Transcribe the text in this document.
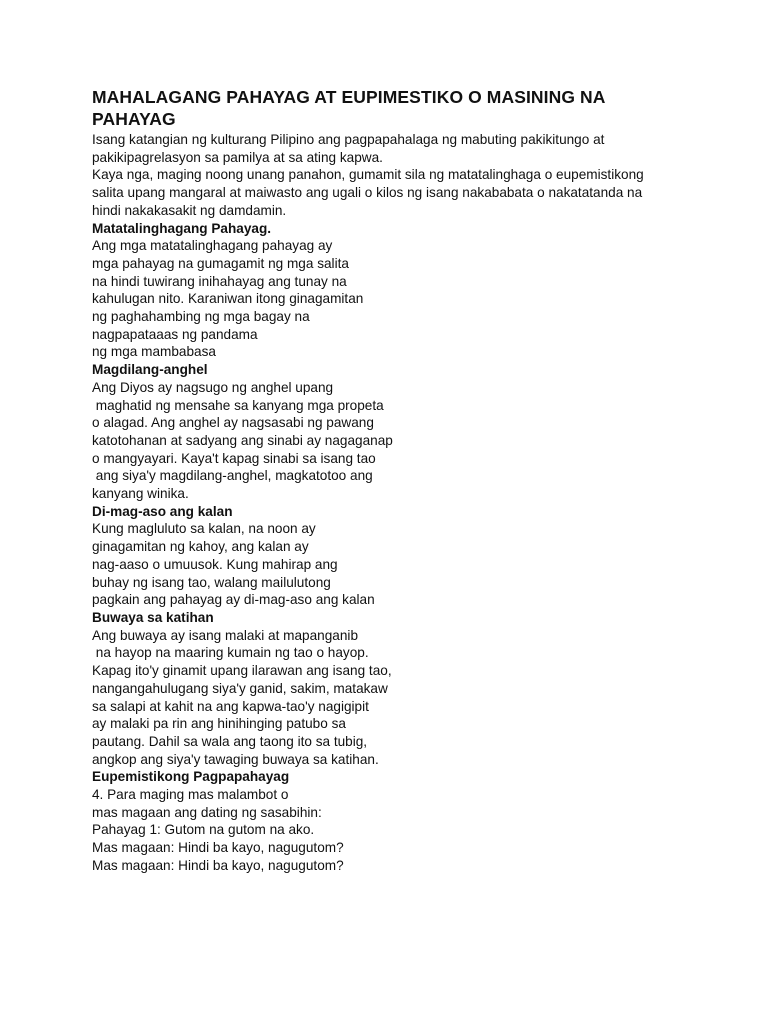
MAHALAGANG PAHAYAG AT EUPIMESTIKO O MASINING NA PAHAYAG

Isang katangian ng kulturang Pilipino ang pagpapahalaga ng mabuting pakikitungo at

pakikipagrelasyon sa pamilya at sa ating kapwa.

Kaya nga, maging noong unang panahon, gumamit sila ng matatalinghaga o eupemistikong

salita upang mangaral at maiwasto ang ugali o kilos ng isang nakababata o nakatatanda na

hindi nakakasakit ng damdamin.

Matatalinghagang Pahayag.

Ang mga matatalinghagang pahayag ay

mga pahayag na gumagamit ng mga salita

na hindi tuwirang inihahayag ang tunay na

kahulugan nito. Karaniwan itong ginagamitan

ng paghahambing ng mga bagay na

nagpapataaas ng pandama

ng mga mambabasa

Magdilang-anghel

Ang Diyos ay nagsugo ng anghel upang

maghatid ng mensahe sa kanyang mga propeta

o alagad. Ang anghel ay nagsasabi ng pawang

katotohanan at sadyang ang sinabi ay nagaganap

o mangyayari. Kaya't kapag sinabi sa isang tao

ang siya'y magdilang-anghel, magkatotoo ang

kanyang winika.

Di-mag-aso ang kalan

Kung magluluto sa kalan, na noon ay

ginagamitan ng kahoy, ang kalan ay

nag-aaso o umuusok. Kung mahirap ang

buhay ng isang tao, walang mailulutong

pagkain ang pahayag ay di-mag-aso ang kalan

Buwaya sa katihan

Ang buwaya ay isang malaki at mapanganib

na hayop na maaring kumain ng tao o hayop.

Kapag ito'y ginamit upang ilarawan ang isang tao,

nangangahulugang siya'y ganid, sakim, matakaw

sa salapi at kahit na ang kapwa-tao'y nagigipit

ay malaki pa rin ang hinihinging patubo sa

pautang. Dahil sa wala ang taong ito sa tubig,

angkop ang siya'y tawaging buwaya sa katihan.

Eupemistikong Pagpapahayag

4. Para maging mas malambot o

mas magaan ang dating ng sasabihin:

Pahayag 1: Gutom na gutom na ako.

Mas magaan: Hindi ba kayo, nagugutom?

Mas magaan: Hindi ba kayo, nagugutom?
